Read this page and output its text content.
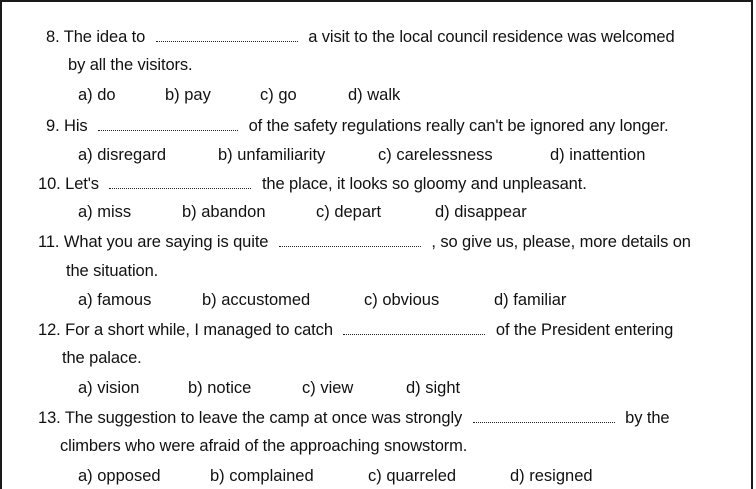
8. The idea to	a visit to the local council residence was welcomed
by all the visitors.
a) do	b) pay	c) go	d) walk
9. His	of the safety regulations really can't be ignored any longer.
a) disregard	b) unfamiliarity	c) carelessness	d) inattention
10. Let's	the place, it looks so gloomy and unpleasant.
a) miss	b) abandon	c) depart	d) disappear
11. What you are saying is quite	, so give us, please, more details on
the situation.
a) famous	b) accustomed	c) obvious	d) familiar
12. For a short while, I managed to catch	of the President entering
the palace.
a) vision	b) notice	c) view	d) sight
13. The suggestion to leave the camp at once was strongly	by the
climbers who were afraid of the approaching snowstorm.
a) opposed	b) complained	c) quarreled	d) resigned
